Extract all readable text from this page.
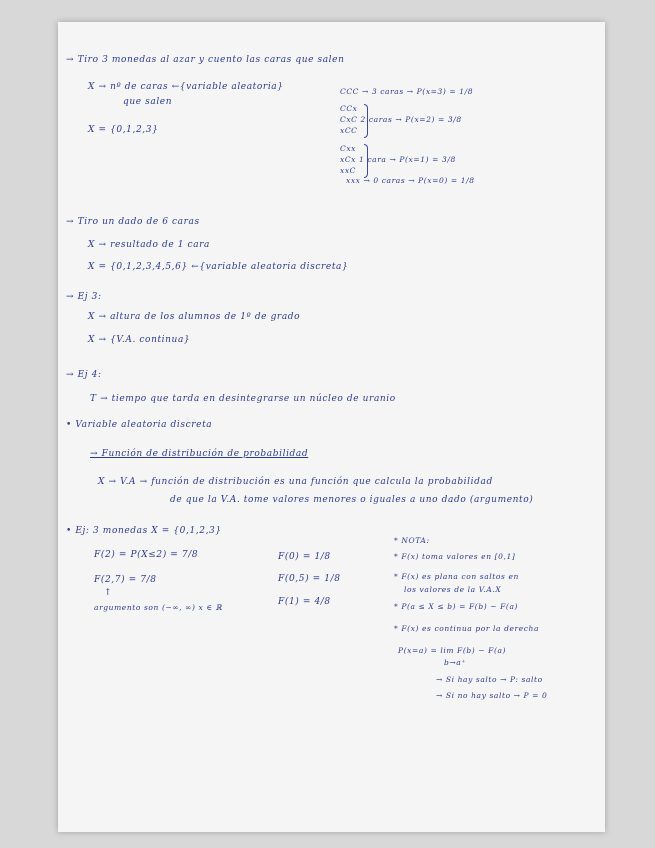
→ Tiro 3 monedas al azar y cuento las caras que salen
X → nº de caras ←{variable aleatoria}
que salen
X = {0,1,2,3}
CCC → 3 caras → P(x=3) = 1/8
CCx
CxC 2 caras → P(x=2) = 3/8
xCC
Cxx
xCx 1 cara → P(x=1) = 3/8
xxC
xxx → 0 caras → P(x=0) = 1/8
→ Tiro un dado de 6 caras
X → resultado de 1 cara
X = {0,1,2,3,4,5,6} ←{variable aleatoria discreta}
→ Ej 3:
X → altura de los alumnos de 1º de grado
X → {V.A. continua}
→ Ej 4:
T → tiempo que tarda en desintegrarse un núcleo de uranio
• Variable aleatoria discreta
→ Función de distribución de probabilidad
X → V.A → función de distribución es una función que calcula la probabilidad
de que la V.A. tome valores menores o iguales a uno dado (argumento)
• Ej: 3 monedas X = {0,1,2,3}
F(2) = P(X≤2) = 7/8
F(2,7) = 7/8
↑
argumento son (−∞, ∞) x ∈ ℝ
F(0) = 1/8
F(0,5) = 1/8
F(1) = 4/8
* NOTA:
* F(x) toma valores en [0,1]
* F(x) es plana con saltos en
los valores de la V.A.X
* P(a ≤ X ≤ b) = F(b) − F(a)
* F(x) es continua por la derecha
P(x=a) = lim F(b) − F(a)
b→a⁺
→ Si hay salto → P: salto
→ Si no hay salto → P = 0
